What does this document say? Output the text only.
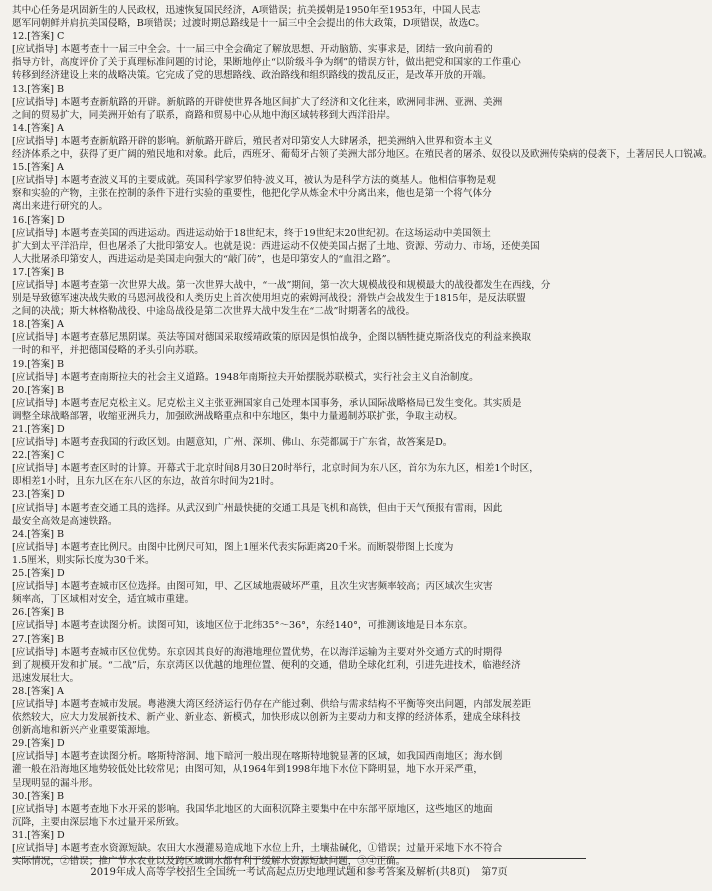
其中心任务是巩固新生的人民政权，迅速恢复国民经济，A项错误；抗美援朝是1950年至1953年，中国人民志
愿军同朝鲜并肩抗美国侵略，B项错误；过渡时期总路线是十一届三中全会提出的伟大政策，D项错误，故选C。
12.[答案] C
[应试指导] 本题考查十一届三中全会。十一届三中全会确定了解放思想、开动脑筋、实事求是，团结一致向前看的
指导方针，高度评价了关于真理标准问题的讨论，果断地停止“以阶级斗争为纲”的错误方针，做出把党和国家的工作重心
转移到经济建设上来的战略决策。它完成了党的思想路线、政治路线和组织路线的拨乱反正，是改革开放的开端。
13.[答案] B
[应试指导] 本题考查新航路的开辟。新航路的开辟使世界各地区间扩大了经济和文化往来，欧洲同非洲、亚洲、美洲
之间的贸易扩大，同美洲开始有了联系，商路和贸易中心从地中海区域转移到大西洋沿岸。
14.[答案] A
[应试指导] 本题考查新航路开辟的影响。新航路开辟后，殖民者对印第安人大肆屠杀，把美洲纳入世界和资本主义
经济体系之中，获得了更广阔的殖民地和对象。此后，西班牙、葡萄牙占领了美洲大部分地区。在殖民者的屠杀、奴役以及欧洲传染病的侵袭下，土著居民人口锐减。
15.[答案] A
[应试指导] 本题考查波义耳的主要成就。英国科学家罗伯特·波义耳，被认为是科学方法的奠基人。他相信事物是观
察和实验的产物，主张在控制的条件下进行实验的重要性，他把化学从炼金术中分离出来，他也是第一个将气体分
离出来进行研究的人。
16.[答案] D
[应试指导] 本题考查美国的西进运动。西进运动始于18世纪末，终于19世纪末20世纪初。在这场运动中美国领土
扩大到太平洋沿岸，但也屠杀了大批印第安人。也就是说：西进运动不仅使美国占据了土地、资源、劳动力、市场，还使美国
人大批屠杀印第安人，西进运动是美国走向强大的“敲门砖”，也是印第安人的“血泪之路”。
17.[答案] B
[应试指导] 本题考查第一次世界大战。第一次世界大战中，“一战”期间，第一次大规模战役和规模最大的战役都发生在西线，分
别是导致德军速决战失败的马恩河战役和人类历史上首次使用坦克的索姆河战役；滑铁卢会战发生于1815年，是反法联盟
之间的决战；斯大林格勒战役、中途岛战役是第二次世界大战中发生在“二战”时期著名的战役。
18.[答案] A
[应试指导] 本题考查慕尼黑阴谋。英法等国对德国采取绥靖政策的原因是惧怕战争，企图以牺牲捷克斯洛伐克的利益来换取
一时的和平，并把德国侵略的矛头引向苏联。
19.[答案] B
[应试指导] 本题考查南斯拉夫的社会主义道路。1948年南斯拉夫开始摆脱苏联模式，实行社会主义自治制度。
20.[答案] B
[应试指导] 本题考查尼克松主义。尼克松主义主张亚洲国家自己处理本国事务，承认国际战略格局已发生变化。其实质是
调整全球战略部署，收缩亚洲兵力，加强欧洲战略重点和中东地区，集中力量遏制苏联扩张，争取主动权。
21.[答案] D
[应试指导] 本题考查我国的行政区划。由题意知，广州、深圳、佛山、东莞都属于广东省，故答案是D。
22.[答案] C
[应试指导] 本题考查区时的计算。开幕式于北京时间8月30日20时举行，北京时间为东八区，首尔为东九区，相差1个时区，
即相差1小时，且东九区在东八区的东边，故首尔时间为21时。
23.[答案] D
[应试指导] 本题考查交通工具的选择。从武汉到广州最快捷的交通工具是飞机和高铁，但由于天气预报有雷雨，因此
最安全高效是高速铁路。
24.[答案] B
[应试指导] 本题考查比例尺。由图中比例尺可知，图上1厘米代表实际距离20千米。而断裂带图上长度为
1.5厘米，则实际长度为30千米。
25.[答案] D
[应试指导] 本题考查城市区位选择。由图可知，甲、乙区域地震破坏严重，且次生灾害频率较高；丙区域次生灾害
频率高，丁区域相对安全，适宜城市重建。
26.[答案] B
[应试指导] 本题考查读图分析。读图可知，该地区位于北纬35°～36°，东经140°，可推测该地是日本东京。
27.[答案] B
[应试指导] 本题考查城市区位优势。东京因其良好的海港地理位置优势，在以海洋运输为主要对外交通方式的时期得
到了规模开发和扩展。“二战”后，东京湾区以优越的地理位置、便利的交通，借助全球化红利，引进先进技术，临港经济
迅速发展壮大。
28.[答案] A
[应试指导] 本题考查城市发展。粤港澳大湾区经济运行仍存在产能过剩、供给与需求结构不平衡等突出问题，内部发展差距
依然较大，应大力发展新技术、新产业、新业态、新模式，加快形成以创新为主要动力和支撑的经济体系，建成全球科技
创新高地和新兴产业重要策源地。
29.[答案] D
[应试指导] 本题考查读图分析。喀斯特溶洞、地下暗河一般出现在喀斯特地貌显著的区域，如我国西南地区；海水倒
灌一般在沿海地区地势较低处比较常见；由图可知，从1964年到1998年地下水位下降明显，地下水开采严重，
呈现明显的漏斗形。
30.[答案] B
[应试指导] 本题考查地下水开采的影响。我国华北地区的大面积沉降主要集中在中东部平原地区，这些地区的地面
沉降，主要由深层地下水过量开采所致。
31.[答案] D
[应试指导] 本题考查水资源短缺。农田大水漫灌易造成地下水位上升，土壤盐碱化，①错误；过量开采地下水不符合
实际情况，②错误；推广节水农业以及跨区域调水都有利于缓解水资源短缺问题，③④正确。
2019年成人高等学校招生全国统一考试高起点历史地理试题和参考答案及解析(共8页) 第7页
